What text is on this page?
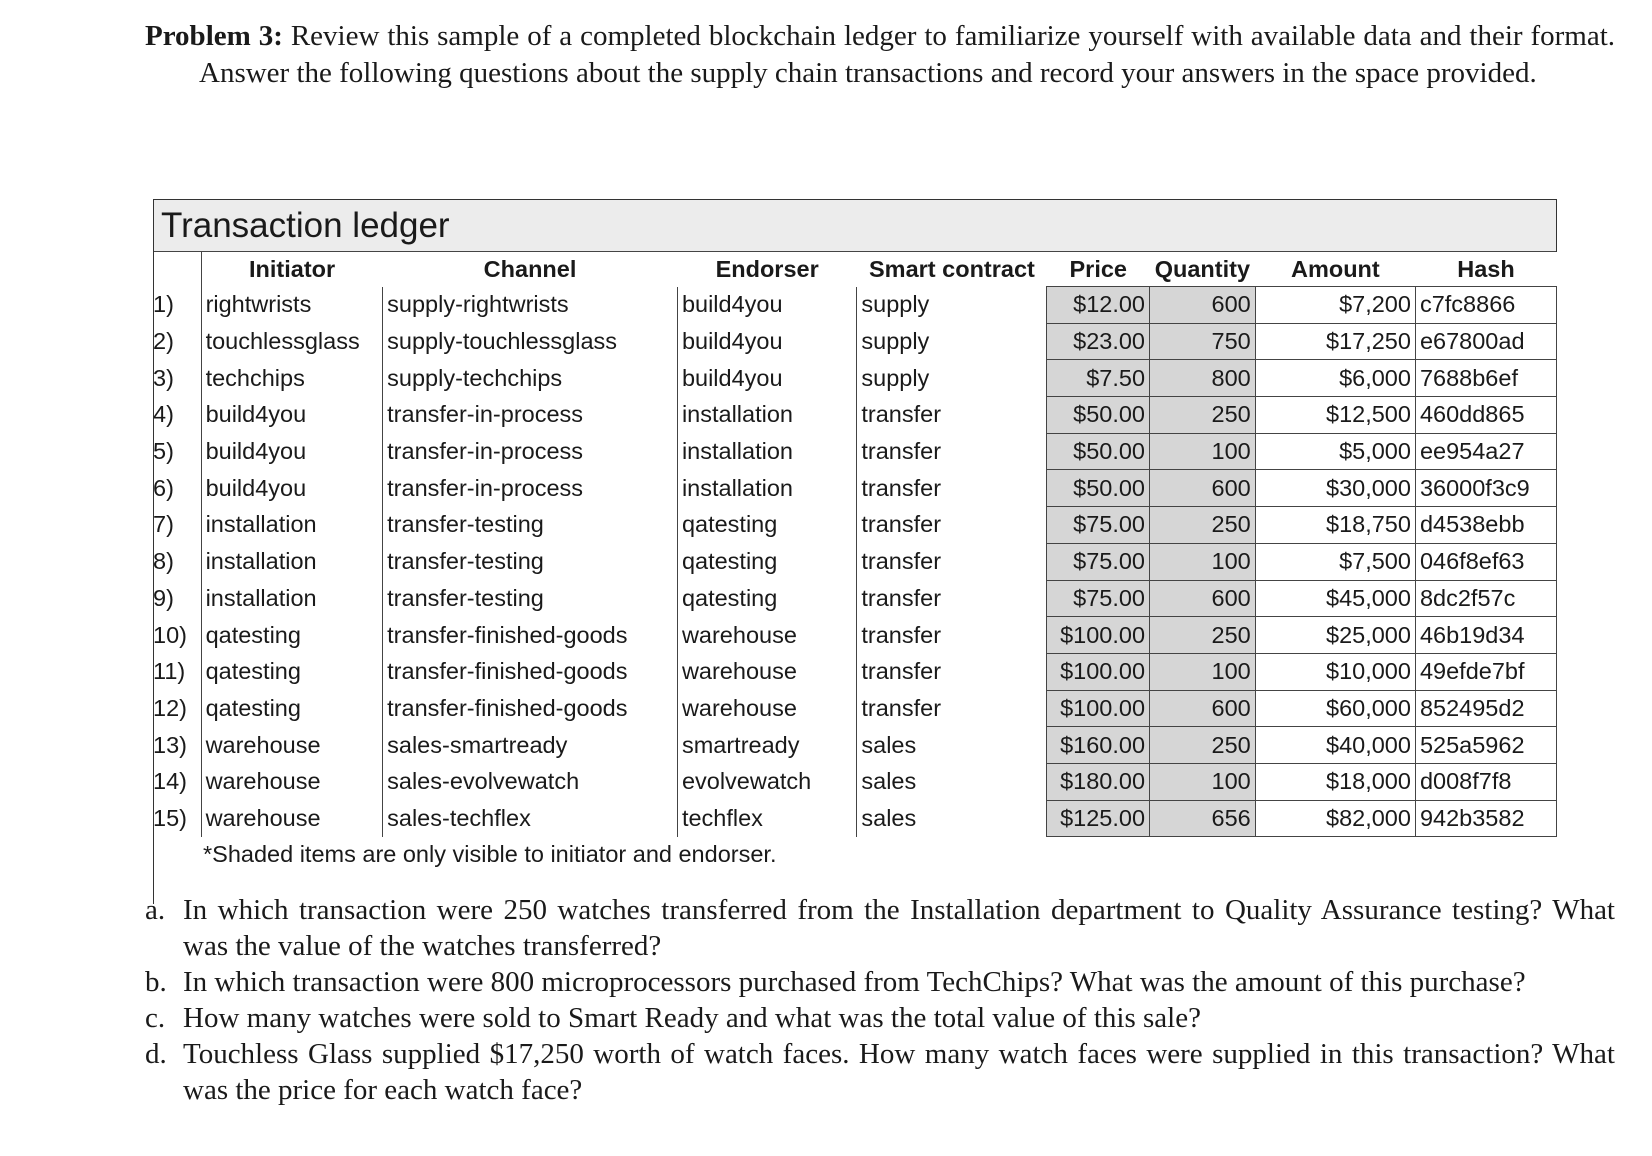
Problem 3: Review this sample of a completed blockchain ledger to familiarize yourself with available data and their format. Answer the following questions about the supply chain transactions and record your answers in the space provided.
Transaction ledger
	Initiator	Channel	Endorser	Smart contract	Price	Quantity	Amount	Hash
1)	rightwrists	supply-rightwrists	build4you	supply	$12.00	600	$7,200	c7fc8866
2)	touchlessglass	supply-touchlessglass	build4you	supply	$23.00	750	$17,250	e67800ad
3)	techchips	supply-techchips	build4you	supply	$7.50	800	$6,000	7688b6ef
4)	build4you	transfer-in-process	installation	transfer	$50.00	250	$12,500	460dd865
5)	build4you	transfer-in-process	installation	transfer	$50.00	100	$5,000	ee954a27
6)	build4you	transfer-in-process	installation	transfer	$50.00	600	$30,000	36000f3c9
7)	installation	transfer-testing	qatesting	transfer	$75.00	250	$18,750	d4538ebb
8)	installation	transfer-testing	qatesting	transfer	$75.00	100	$7,500	046f8ef63
9)	installation	transfer-testing	qatesting	transfer	$75.00	600	$45,000	8dc2f57c
10)	qatesting	transfer-finished-goods	warehouse	transfer	$100.00	250	$25,000	46b19d34
11)	qatesting	transfer-finished-goods	warehouse	transfer	$100.00	100	$10,000	49efde7bf
12)	qatesting	transfer-finished-goods	warehouse	transfer	$100.00	600	$60,000	852495d2
13)	warehouse	sales-smartready	smartready	sales	$160.00	250	$40,000	525a5962
14)	warehouse	sales-evolvewatch	evolvewatch	sales	$180.00	100	$18,000	d008f7f8
15)	warehouse	sales-techflex	techflex	sales	$125.00	656	$82,000	942b3582
*Shaded items are only visible to initiator and endorser.
a. In which transaction were 250 watches transferred from the Installation department to Quality Assurance testing? What was the value of the watches transferred?
b. In which transaction were 800 microprocessors purchased from TechChips? What was the amount of this purchase?
c. How many watches were sold to Smart Ready and what was the total value of this sale?
d. Touchless Glass supplied $17,250 worth of watch faces. How many watch faces were supplied in this transaction? What was the price for each watch face?
